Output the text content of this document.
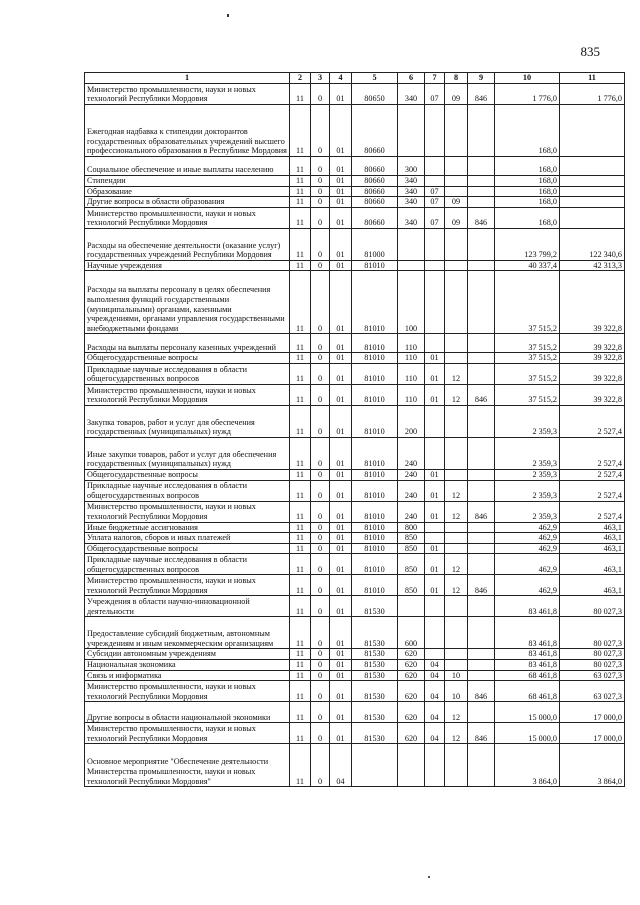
835
1	2	3	4	5	6	7	8	9	10	11
Министерство промышленности, науки и новых технологий Республики Мордовия	11	0	01	80650	340	07	09	846	1 776,0	1 776,0
Ежегодная надбавка к стипендии докторантов государственных образовательных учреждений высшего профессионального образования в Республике Мордовия	11	0	01	80660					168,0	
Социальное обеспечение и иные выплаты населению	11	0	01	80660	300				168,0	
Стипендии	11	0	01	80660	340				168,0	
Образование	11	0	01	80660	340	07			168,0	
Другие вопросы в области образования	11	0	01	80660	340	07	09		168,0	
Министерство промышленности, науки и новых технологий Республики Мордовия	11	0	01	80660	340	07	09	846	168,0	
Расходы на обеспечение деятельности (оказание услуг) государственных учреждений Республики Мордовия	11	0	01	81000					123 799,2	122 340,6
Научные учреждения	11	0	01	81010					40 337,4	42 313,3
Расходы на выплаты персоналу в целях обеспечения выполнения функций государственными (муниципальными) органами, казенными учреждениями, органами управления государственными внебюджетными фондами	11	0	01	81010	100				37 515,2	39 322,8
Расходы на выплаты персоналу казенных учреждений	11	0	01	81010	110				37 515,2	39 322,8
Общегосударственные вопросы	11	0	01	81010	110	01			37 515,2	39 322,8
Прикладные научные исследования в области общегосударственных вопросов	11	0	01	81010	110	01	12		37 515,2	39 322,8
Министерство промышленности, науки и новых технологий Республики Мордовия	11	0	01	81010	110	01	12	846	37 515,2	39 322,8
Закупка товаров, работ и услуг для обеспечения государственных (муниципальных) нужд	11	0	01	81010	200				2 359,3	2 527,4
Иные закупки товаров, работ и услуг для обеспечения государственных (муниципальных) нужд	11	0	01	81010	240				2 359,3	2 527,4
Общегосударственные вопросы	11	0	01	81010	240	01			2 359,3	2 527,4
Прикладные научные исследования в области общегосударственных вопросов	11	0	01	81010	240	01	12		2 359,3	2 527,4
Министерство промышленности, науки и новых технологий Республики Мордовия	11	0	01	81010	240	01	12	846	2 359,3	2 527,4
Иные бюджетные ассигнования	11	0	01	81010	800				462,9	463,1
Уплата налогов, сборов и иных платежей	11	0	01	81010	850				462,9	463,1
Общегосударственные вопросы	11	0	01	81010	850	01			462,9	463,1
Прикладные научные исследования в области общегосударственных вопросов	11	0	01	81010	850	01	12		462,9	463,1
Министерство промышленности, науки и новых технологий Республики Мордовия	11	0	01	81010	850	01	12	846	462,9	463,1
Учреждения в области научно-инновационной деятельности	11	0	01	81530					83 461,8	80 027,3
Предоставление субсидий бюджетным, автономным учреждениям и иным некоммерческим организациям	11	0	01	81530	600				83 461,8	80 027,3
Субсидии автономным учреждениям	11	0	01	81530	620				83 461,8	80 027,3
Национальная экономика	11	0	01	81530	620	04			83 461,8	80 027,3
Связь и информатика	11	0	01	81530	620	04	10		68 461,8	63 027,3
Министерство промышленности, науки и новых технологий Республики Мордовия	11	0	01	81530	620	04	10	846	68 461,8	63 027,3
Другие вопросы в области национальной экономики	11	0	01	81530	620	04	12		15 000,0	17 000,0
Министерство промышленности, науки и новых технологий Республики Мордовия	11	0	01	81530	620	04	12	846	15 000,0	17 000,0
Основное мероприятие "Обеспечение деятельности Министерства промышленности, науки и новых технологий Республики Мордовия"	11	0	04						3 864,0	3 864,0
